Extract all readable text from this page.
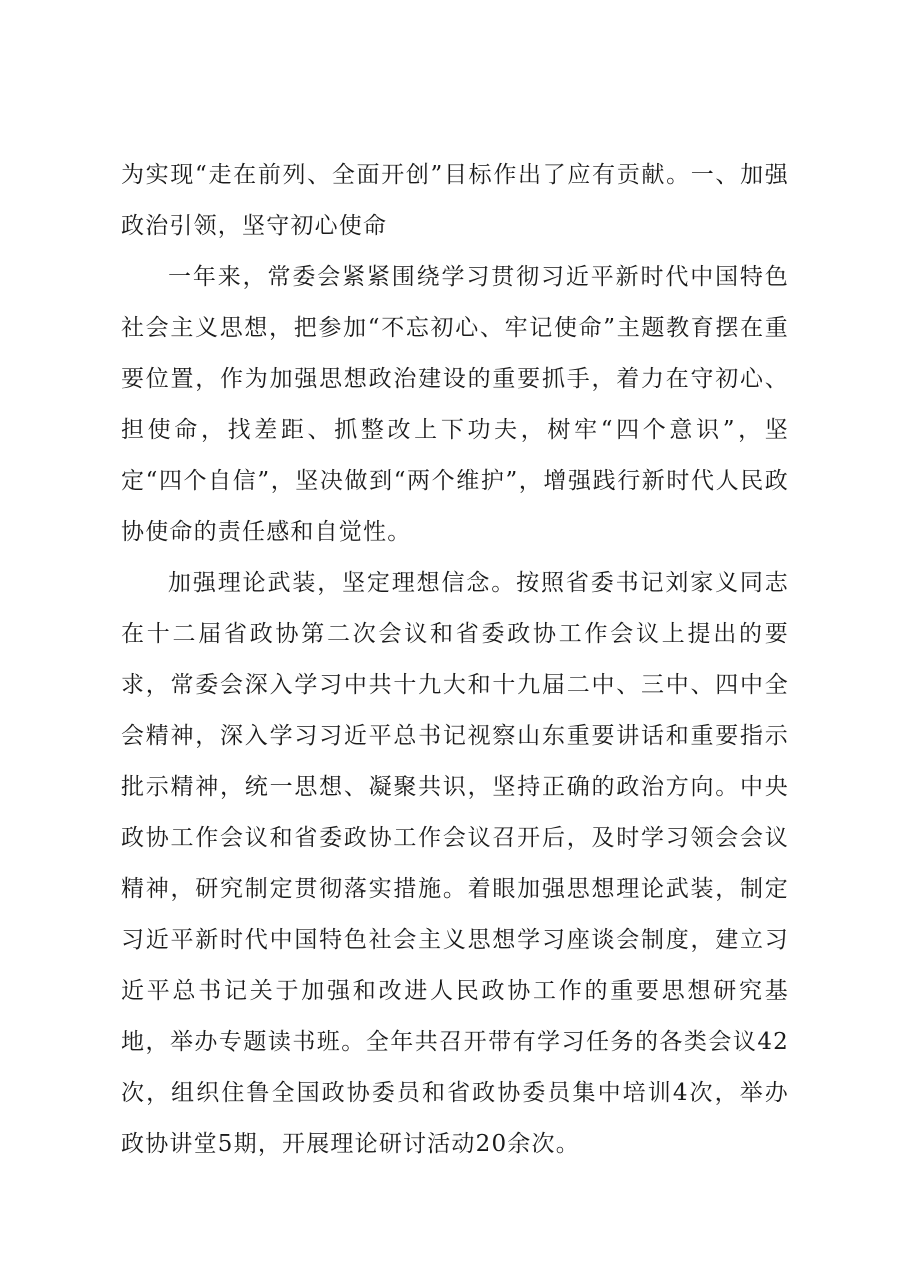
为实现“走在前列、全面开创”目标作出了应有贡献。一、加强政治引领，坚守初心使命

一年来，常委会紧紧围绕学习贯彻习近平新时代中国特色社会主义思想，把参加“不忘初心、牢记使命”主题教育摆在重要位置，作为加强思想政治建设的重要抓手，着力在守初心、担使命，找差距、抓整改上下功夫，树牢“四个意识”，坚定“四个自信”，坚决做到“两个维护”，增强践行新时代人民政协使命的责任感和自觉性。

加强理论武装，坚定理想信念。按照省委书记刘家义同志在十二届省政协第二次会议和省委政协工作会议上提出的要求，常委会深入学习中共十九大和十九届二中、三中、四中全会精神，深入学习习近平总书记视察山东重要讲话和重要指示批示精神，统一思想、凝聚共识，坚持正确的政治方向。中央政协工作会议和省委政协工作会议召开后，及时学习领会会议精神，研究制定贯彻落实措施。着眼加强思想理论武装，制定习近平新时代中国特色社会主义思想学习座谈会制度，建立习近平总书记关于加强和改进人民政协工作的重要思想研究基地，举办专题读书班。全年共召开带有学习任务的各类会议42次，组织住鲁全国政协委员和省政协委员集中培训4次，举办政协讲堂5期，开展理论研讨活动20余次。
